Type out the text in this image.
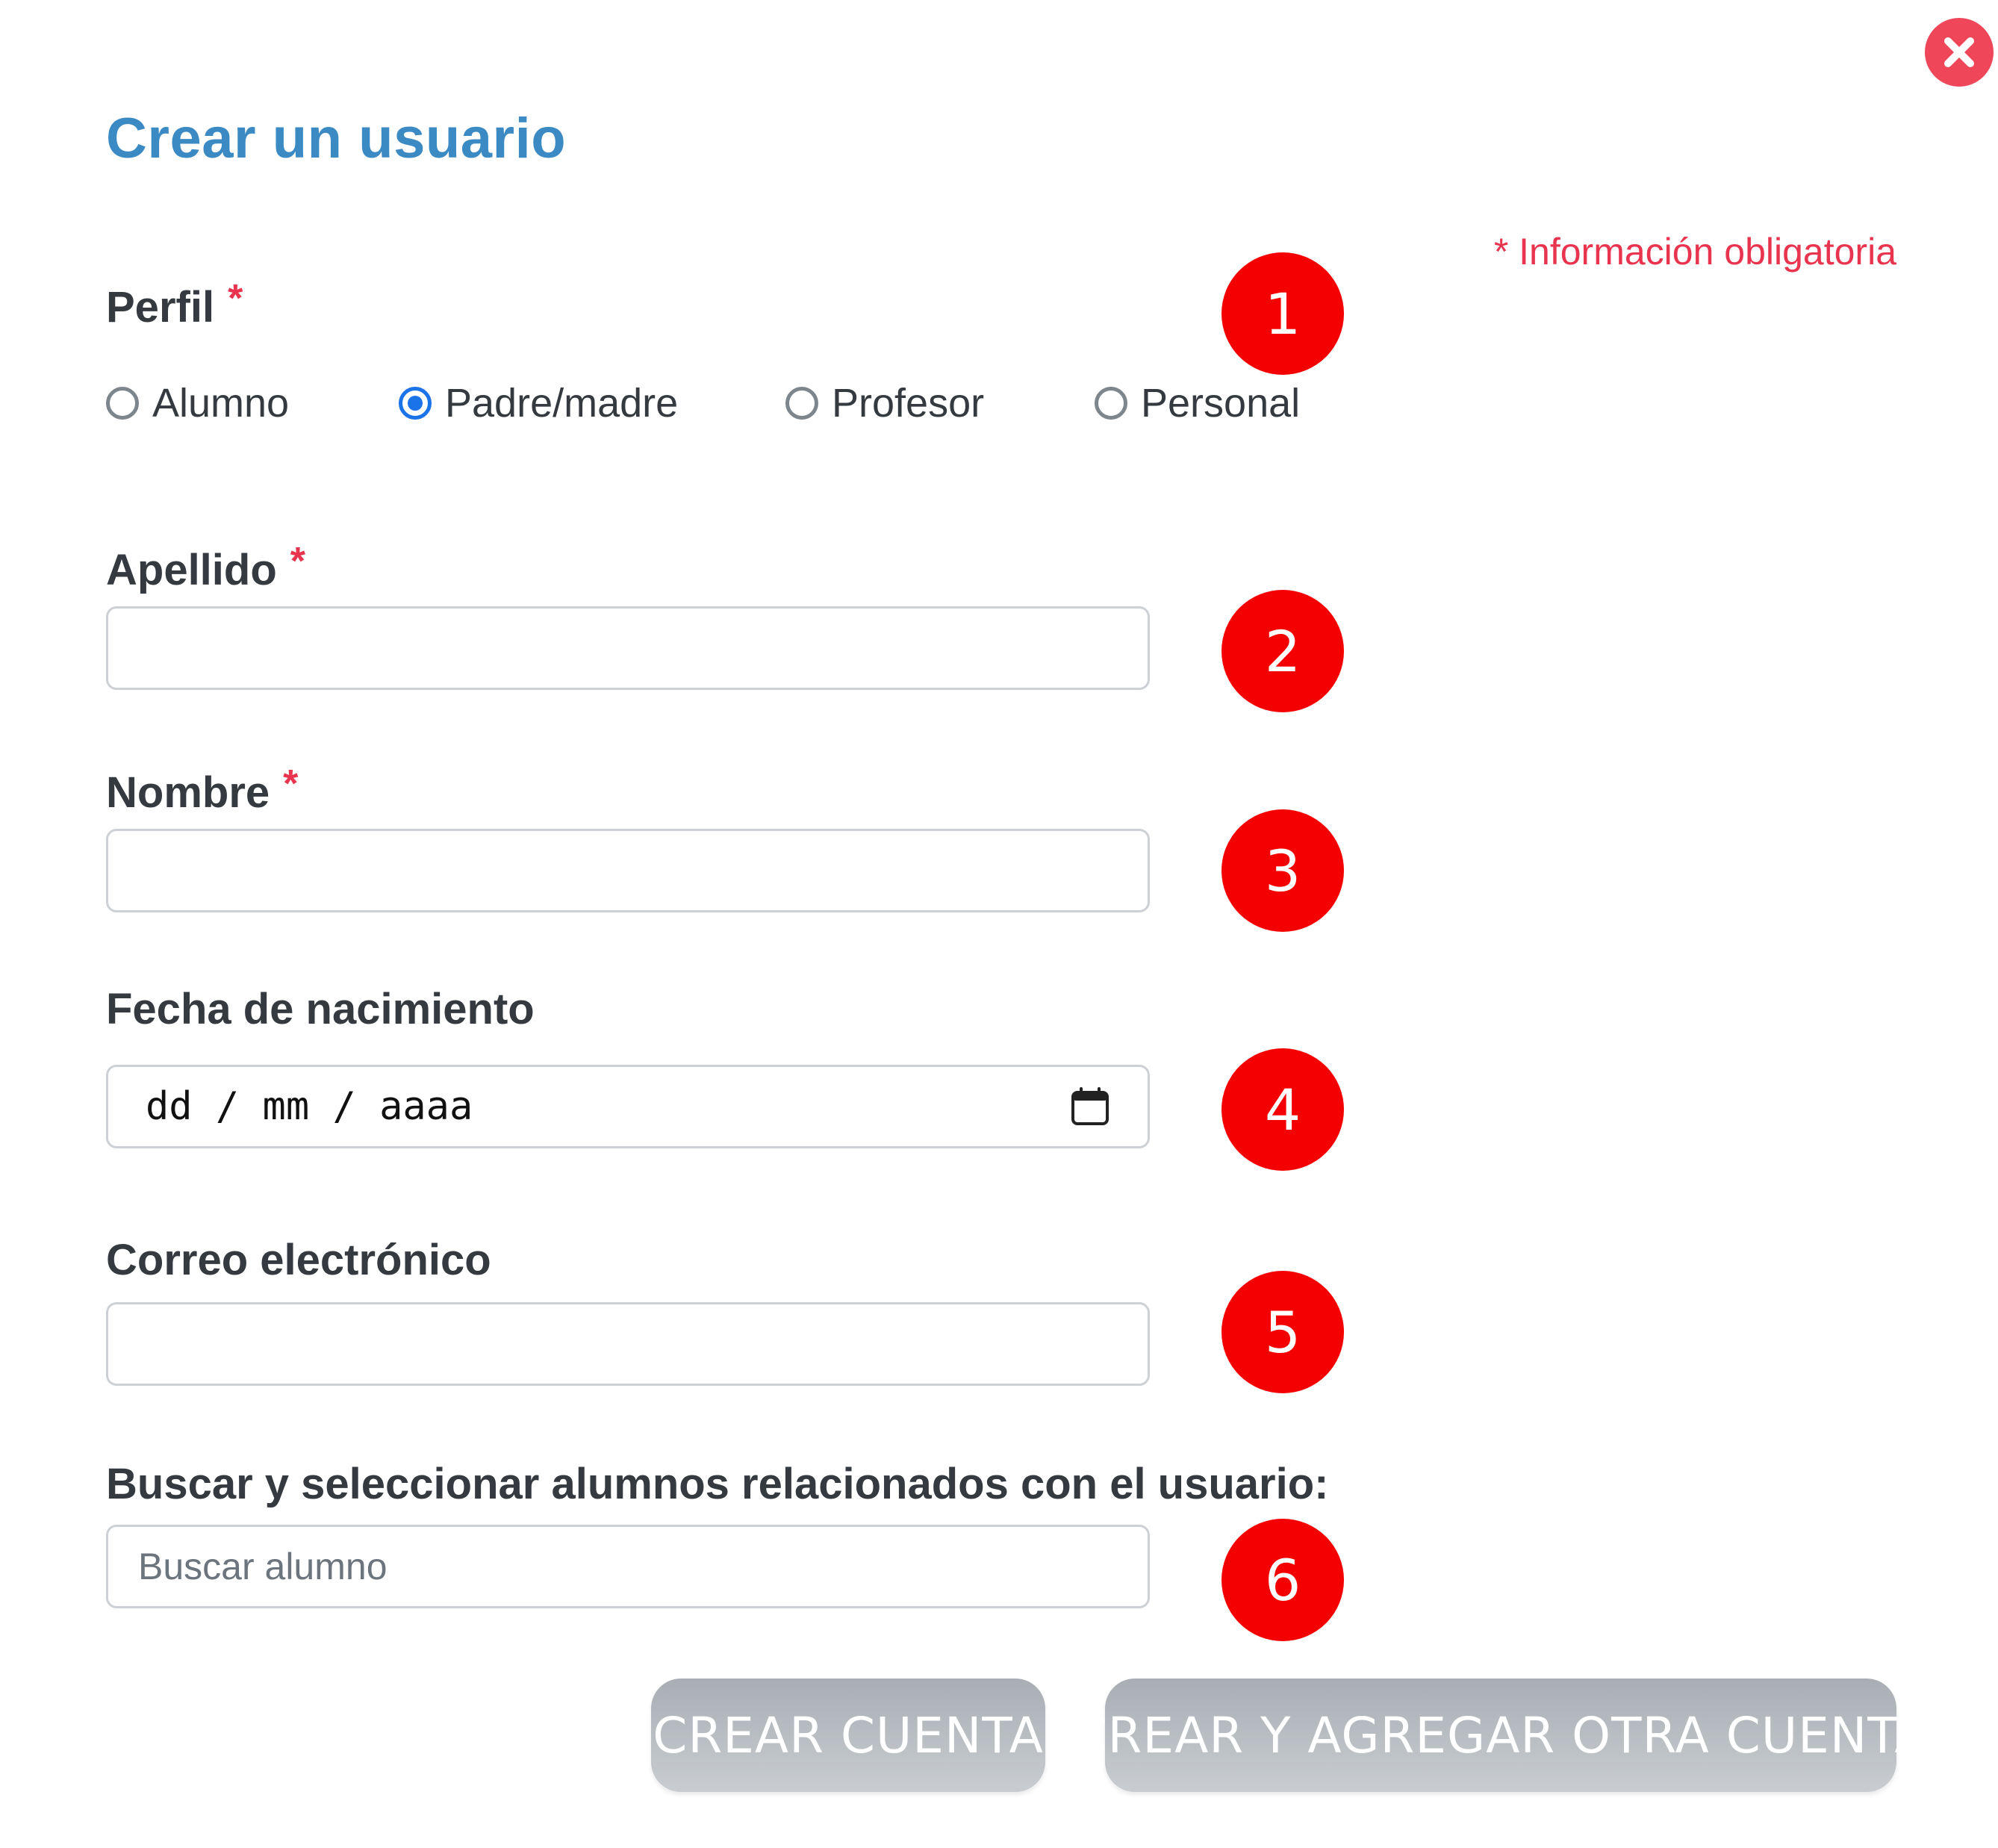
Crear un usuario
* Información obligatoria
Perfil *
Alumno	Padre/madre	Profesor	Personal
1
Apellido *
2
Nombre *
3
Fecha de nacimiento
dd / mm / aaaa	4
Correo electrónico
5
Buscar y seleccionar alumnos relacionados con el usuario:
Buscar alumno
6
CREAR CUENTA CREAR Y AGREGAR OTRA CUENTA
